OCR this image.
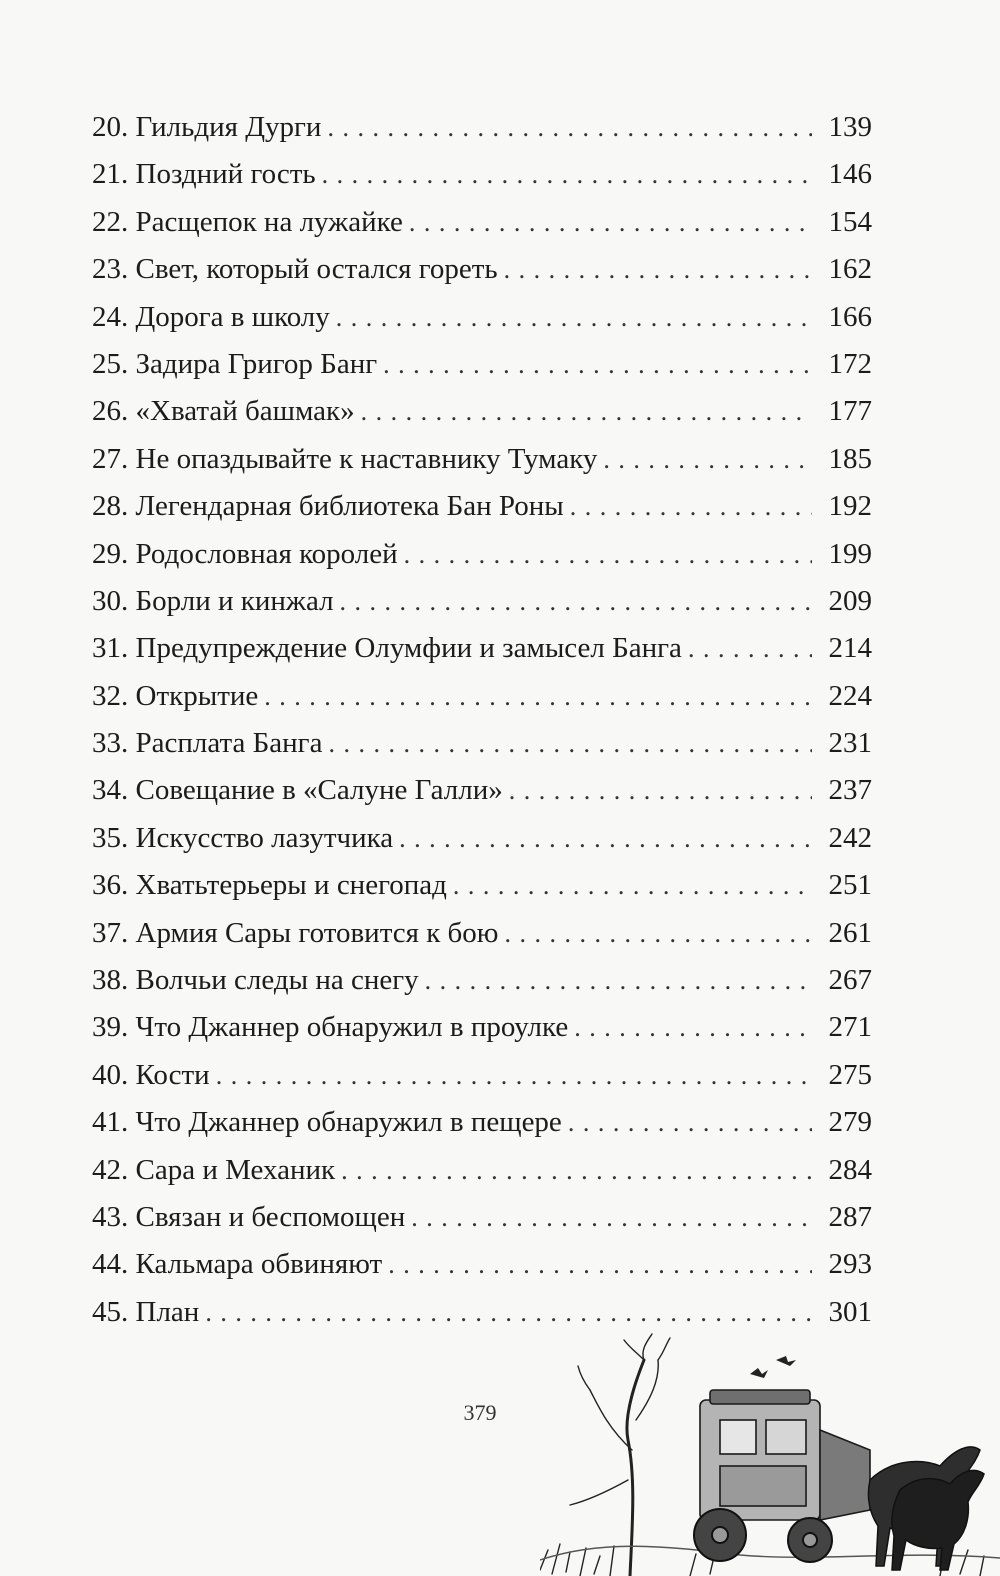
20. Гильдия Дурги . . .	139
21. Поздний гость . . .	146
22. Расщепок на лужайке . . .	154
23. Свет, который остался гореть . . .	162
24. Дорога в школу . . .	166
25. Задира Григор Банг . . .	172
26. «Хватай башмак» . . .	177
27. Не опаздывайте к наставнику Тумаку . . .	185
28. Легендарная библиотека Бан Роны . . .	192
29. Родословная королей . . .	199
30. Борли и кинжал . . .	209
31. Предупреждение Олумфии и замысел Банга . . .	214
32. Открытие . . .	224
33. Расплата Банга . . .	231
34. Совещание в «Салуне Галли» . . .	237
35. Искусство лазутчика . . .	242
36. Хватьтерьеры и снегопад . . .	251
37. Армия Сары готовится к бою . . .	261
38. Волчьи следы на снегу . . .	267
39. Что Джаннер обнаружил в проулке . . .	271
40. Кости . . .	275
41. Что Джаннер обнаружил в пещере . . .	279
42. Сара и Механик . . .	284
43. Связан и беспомощен . . .	287
44. Кальмара обвиняют . . .	293
45. План . . .	301
379
